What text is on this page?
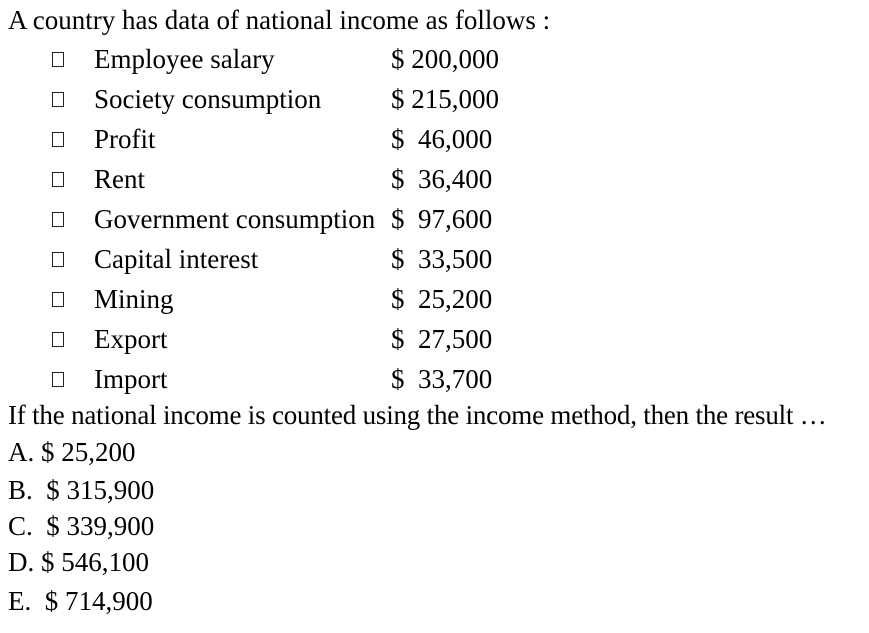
A country has data of national income as follows :
Employee salary	$ 200,000
Society consumption	$ 215,000
Profit	$  46,000
Rent	$  36,400
Government consumption $  97,600
Capital interest	$  33,500
Mining	$  25,200
Export	$  27,500
Import	$  33,700
If the national income is counted using the income method, then the result …
A. $ 25,200
B.  $ 315,900
C.  $ 339,900
D. $ 546,100
E.  $ 714,900
